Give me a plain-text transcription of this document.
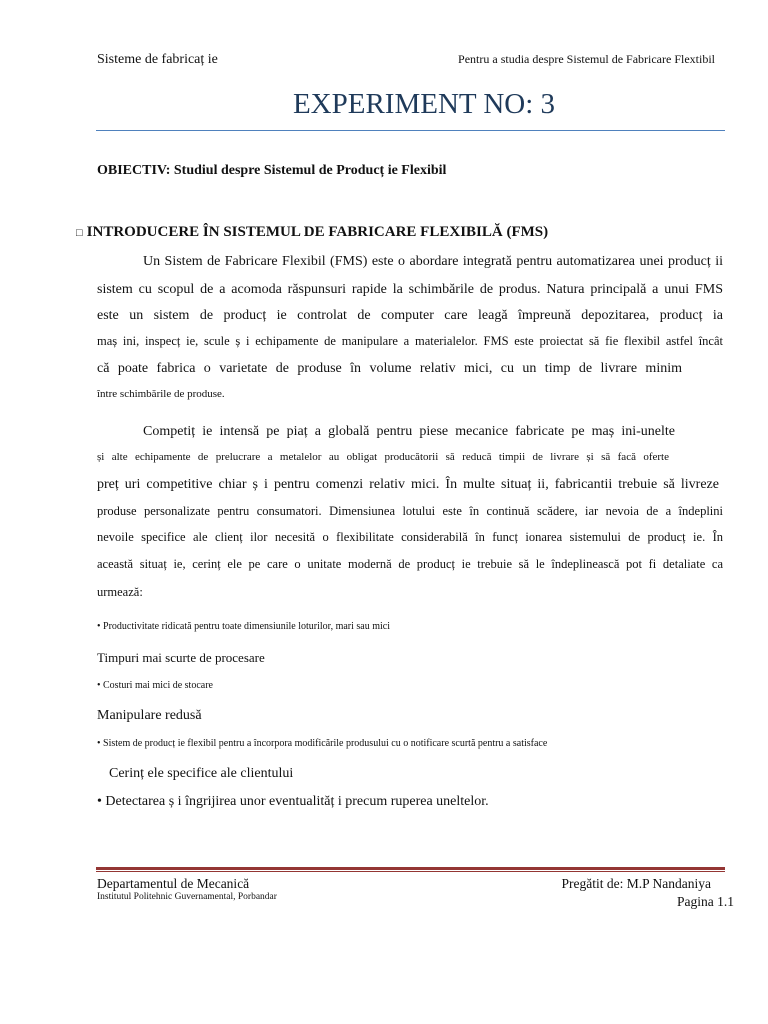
Sisteme de fabricaț ie	Pentru a studia despre Sistemul de Fabricare Flextibil
EXPERIMENT NO: 3
OBIECTIV: Studiul despre Sistemul de Producț ie Flexibil
□ INTRODUCERE ÎN SISTEMUL DE FABRICARE FLEXIBILĂ (FMS)
Un Sistem de Fabricare Flexibil (FMS) este o abordare integrată pentru automatizarea unei producț ii
sistem cu scopul de a acomoda răspunsuri rapide la schimbările de produs. Natura principală a unui FMS
este un sistem de producț ie controlat de computer care leagă împreună depozitarea, producț ia
maș ini, inspecț ie, scule ș i echipamente de manipulare a materialelor. FMS este proiectat să fie flexibil astfel încât
că poate fabrica o varietate de produse în volume relativ mici, cu un timp de livrare minim
între schimbările de produse.
Competiț ie intensă pe piaț a globală pentru piese mecanice fabricate pe maș ini-unelte
și alte echipamente de prelucrare a metalelor au obligat producătorii să reducă timpii de livrare și să facă oferte
preț uri competitive chiar ș i pentru comenzi relativ mici. În multe situaț ii, fabricantii trebuie să livreze
produse personalizate pentru consumatori. Dimensiunea lotului este în continuă scădere, iar nevoia de a îndeplini
nevoile specifice ale clienț ilor necesită o flexibilitate considerabilă în funcț ionarea sistemului de producț ie. În
această situaț ie, cerinț ele pe care o unitate modernă de producț ie trebuie să le îndeplinească pot fi detaliate ca
urmează:
• Productivitate ridicată pentru toate dimensiunile loturilor, mari sau mici
Timpuri mai scurte de procesare
• Costuri mai mici de stocare
Manipulare redusă
• Sistem de producț ie flexibil pentru a încorpora modificările produsului cu o notificare scurtă pentru a satisface
Cerinț ele specifice ale clientului
• Detectarea ș i îngrijirea unor eventualităț i precum ruperea uneltelor.
Departamentul de Mecanică
Institutul Politehnic Guvernamental, Porbandar
Pregătit de: M.P Nandaniya
Pagina 1.1
